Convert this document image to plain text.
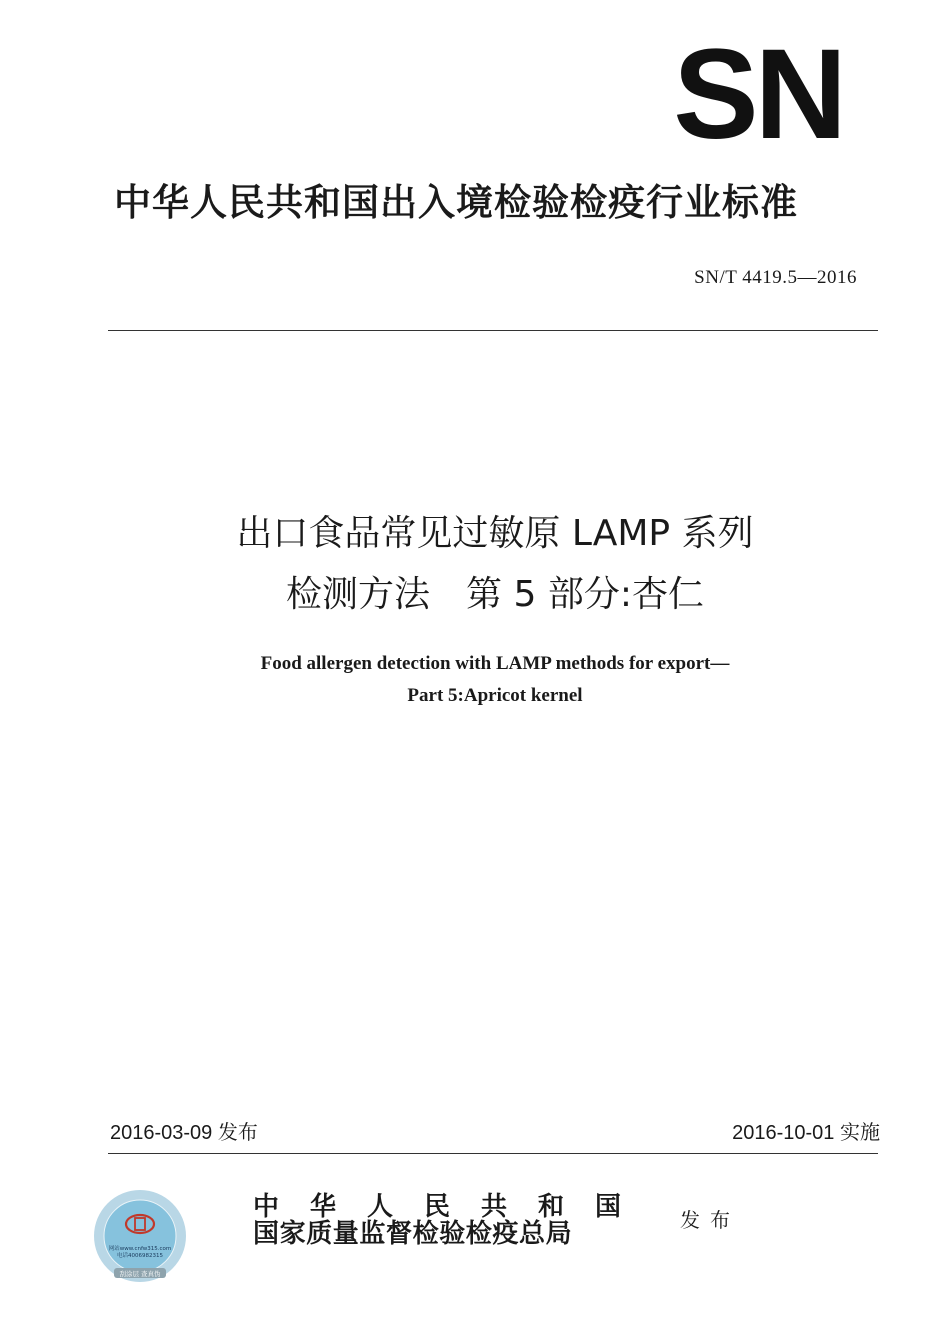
SN
中华人民共和国出入境检验检疫行业标准
SN/T 4419.5—2016
出口食品常见过敏原 LAMP 系列
检测方法　第 5 部分:杏仁
Food allergen detection with LAMP methods for export—
Part 5:Apricot kernel
2016-03-09 发布	2016-10-01 实施
网站www.cnfw315.com
电话4006982315
刮涂层 查真伪
中华人民共和国
国家质量监督检验检疫总局	发布
